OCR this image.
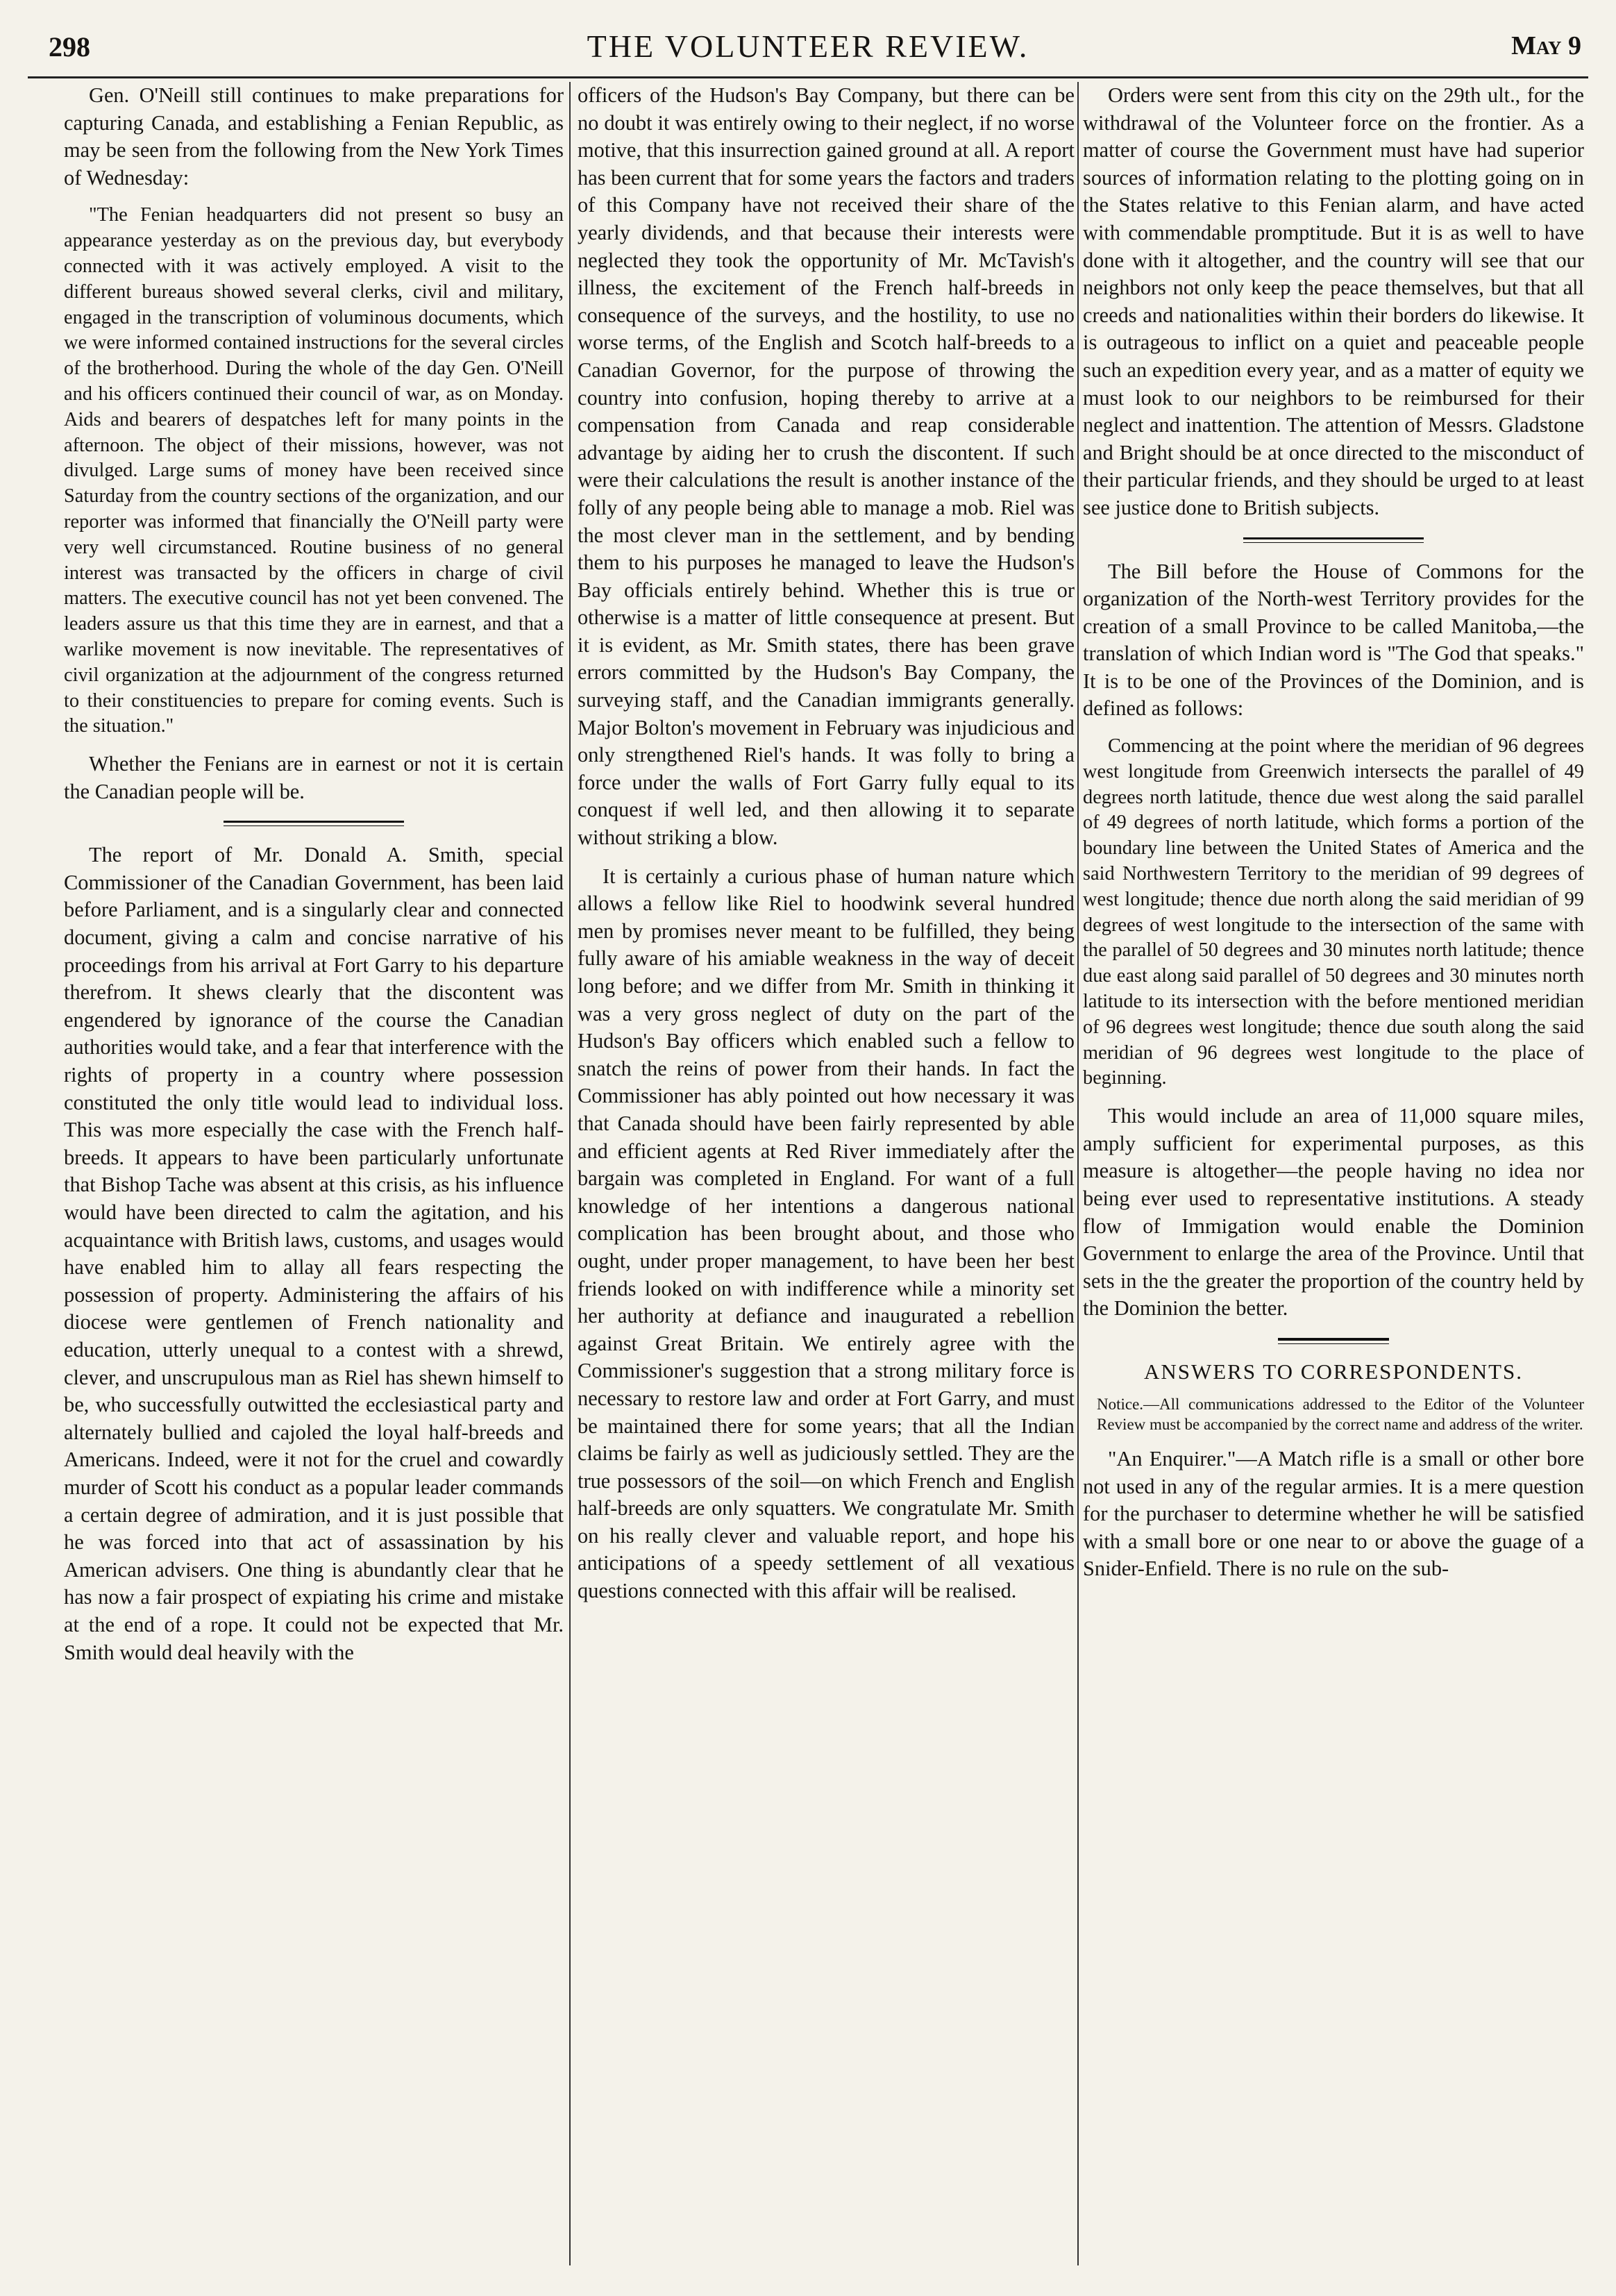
298	THE VOLUNTEER REVIEW.	May 9

Gen. O'Neill still continues to make preparations for capturing Canada, and establishing a Fenian Republic, as may be seen from the following from the New York Times of Wednesday:

"The Fenian headquarters did not present so busy an appearance yesterday as on the previous day, but everybody connected with it was actively employed. A visit to the different bureaus showed several clerks, civil and military, engaged in the transcription of voluminous documents, which we were informed contained instructions for the several circles of the brotherhood. During the whole of the day Gen. O'Neill and his officers continued their council of war, as on Monday. Aids and bearers of despatches left for many points in the afternoon. The object of their missions, however, was not divulged. Large sums of money have been received since Saturday from the country sections of the organization, and our reporter was informed that financially the O'Neill party were very well circumstanced. Routine business of no general interest was transacted by the officers in charge of civil matters. The executive council has not yet been convened. The leaders assure us that this time they are in earnest, and that a warlike movement is now inevitable. The representatives of civil organization at the adjournment of the congress returned to their constituencies to prepare for coming events. Such is the situation."

Whether the Fenians are in earnest or not it is certain the Canadian people will be.

The report of Mr. Donald A. Smith, special Commissioner of the Canadian Government, has been laid before Parliament, and is a singularly clear and connected document, giving a calm and concise narrative of his proceedings from his arrival at Fort Garry to his departure therefrom. It shews clearly that the discontent was engendered by ignorance of the course the Canadian authorities would take, and a fear that interference with the rights of property in a country where possession constituted the only title would lead to individual loss. This was more especially the case with the French half-breeds. It appears to have been particularly unfortunate that Bishop Tache was absent at this crisis, as his influence would have been directed to calm the agitation, and his acquaintance with British laws, customs, and usages would have enabled him to allay all fears respecting the possession of property. Administering the affairs of his diocese were gentlemen of French nationality and education, utterly unequal to a contest with a shrewd, clever, and unscrupulous man as Riel has shewn himself to be, who successfully outwitted the ecclesiastical party and alternately bullied and cajoled the loyal half-breeds and Americans. Indeed, were it not for the cruel and cowardly murder of Scott his conduct as a popular leader commands a certain degree of admiration, and it is just possible that he was forced into that act of assassination by his American advisers. One thing is abundantly clear that he has now a fair prospect of expiating his crime and mistake at the end of a rope. It could not be expected that Mr. Smith would deal heavily with the

officers of the Hudson's Bay Company, but there can be no doubt it was entirely owing to their neglect, if no worse motive, that this insurrection gained ground at all. A report has been current that for some years the factors and traders of this Company have not received their share of the yearly dividends, and that because their interests were neglected they took the opportunity of Mr. McTavish's illness, the excitement of the French half-breeds in consequence of the surveys, and the hostility, to use no worse terms, of the English and Scotch half-breeds to a Canadian Governor, for the purpose of throwing the country into confusion, hoping thereby to arrive at a compensation from Canada and reap considerable advantage by aiding her to crush the discontent. If such were their calculations the result is another instance of the folly of any people being able to manage a mob. Riel was the most clever man in the settlement, and by bending them to his purposes he managed to leave the Hudson's Bay officials entirely behind. Whether this is true or otherwise is a matter of little consequence at present. But it is evident, as Mr. Smith states, there has been grave errors committed by the Hudson's Bay Company, the surveying staff, and the Canadian immigrants generally. Major Bolton's movement in February was injudicious and only strengthened Riel's hands. It was folly to bring a force under the walls of Fort Garry fully equal to its conquest if well led, and then allowing it to separate without striking a blow.

It is certainly a curious phase of human nature which allows a fellow like Riel to hoodwink several hundred men by promises never meant to be fulfilled, they being fully aware of his amiable weakness in the way of deceit long before; and we differ from Mr. Smith in thinking it was a very gross neglect of duty on the part of the Hudson's Bay officers which enabled such a fellow to snatch the reins of power from their hands. In fact the Commissioner has ably pointed out how necessary it was that Canada should have been fairly represented by able and efficient agents at Red River immediately after the bargain was completed in England. For want of a full knowledge of her intentions a dangerous national complication has been brought about, and those who ought, under proper management, to have been her best friends looked on with indifference while a minority set her authority at defiance and inaugurated a rebellion against Great Britain. We entirely agree with the Commissioner's suggestion that a strong military force is necessary to restore law and order at Fort Garry, and must be maintained there for some years; that all the Indian claims be fairly as well as judiciously settled. They are the true possessors of the soil—on which French and English half-breeds are only squatters. We congratulate Mr. Smith on his really clever and valuable report, and hope his anticipations of a speedy settlement of all vexatious questions connected with this affair will be realised.

Orders were sent from this city on the 29th ult., for the withdrawal of the Volunteer force on the frontier. As a matter of course the Government must have had superior sources of information relating to the plotting going on in the States relative to this Fenian alarm, and have acted with commendable promptitude. But it is as well to have done with it altogether, and the country will see that our neighbors not only keep the peace themselves, but that all creeds and nationalities within their borders do likewise. It is outrageous to inflict on a quiet and peaceable people such an expedition every year, and as a matter of equity we must look to our neighbors to be reimbursed for their neglect and inattention. The attention of Messrs. Gladstone and Bright should be at once directed to the misconduct of their particular friends, and they should be urged to at least see justice done to British subjects.

The Bill before the House of Commons for the organization of the North-west Territory provides for the creation of a small Province to be called Manitoba,—the translation of which Indian word is "The God that speaks." It is to be one of the Provinces of the Dominion, and is defined as follows:

Commencing at the point where the meridian of 96 degrees west longitude from Greenwich intersects the parallel of 49 degrees north latitude, thence due west along the said parallel of 49 degrees of north latitude, which forms a portion of the boundary line between the United States of America and the said Northwestern Territory to the meridian of 99 degrees of west longitude; thence due north along the said meridian of 99 degrees of west longitude to the intersection of the same with the parallel of 50 degrees and 30 minutes north latitude; thence due east along said parallel of 50 degrees and 30 minutes north latitude to its intersection with the before mentioned meridian of 96 degrees west longitude; thence due south along the said meridian of 96 degrees west longitude to the place of beginning.

This would include an area of 11,000 square miles, amply sufficient for experimental purposes, as this measure is altogether—the people having no idea nor being ever used to representative institutions. A steady flow of Immigation would enable the Dominion Government to enlarge the area of the Province. Until that sets in the the greater the proportion of the country held by the Dominion the better.

ANSWERS TO CORRESPONDENTS.

Notice.—All communications addressed to the Editor of the Volunteer Review must be accompanied by the correct name and address of the writer.

"An Enquirer."—A Match rifle is a small or other bore not used in any of the regular armies. It is a mere question for the purchaser to determine whether he will be satisfied with a small bore or one near to or above the guage of a Snider-Enfield. There is no rule on the sub-
